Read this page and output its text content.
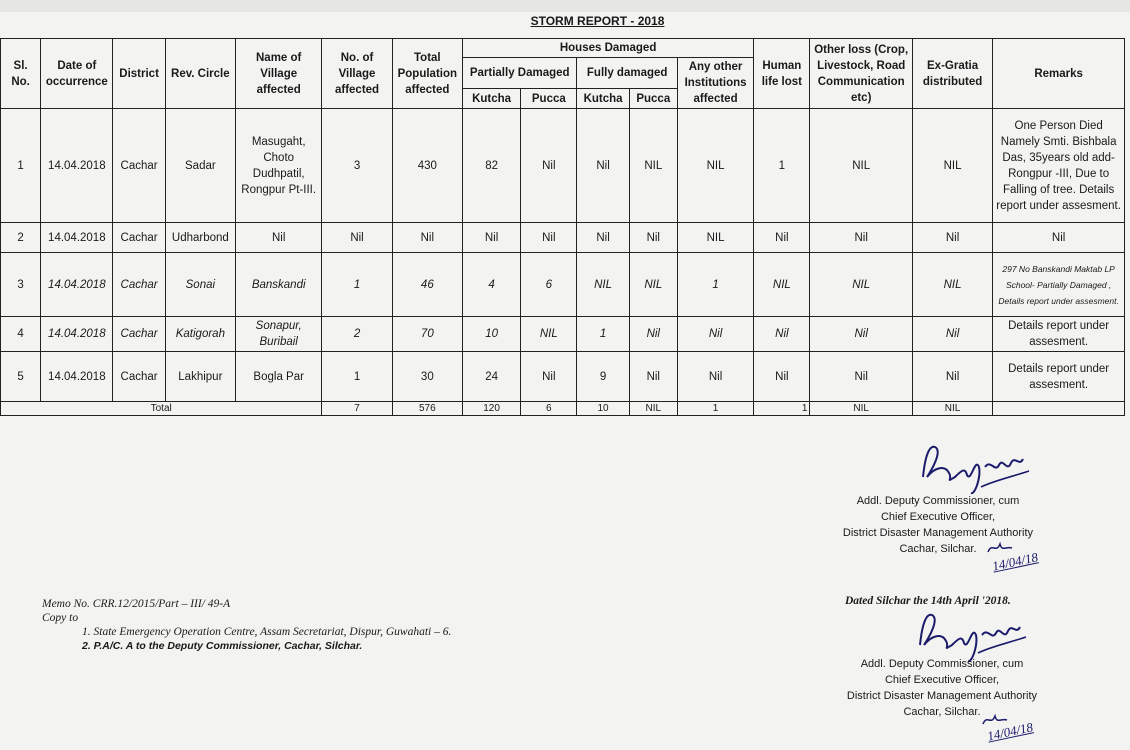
STORM REPORT - 2018
Sl. No.	Date of occurrence	District	Rev. Circle	Name of Village affected	No. of Village affected	Total Population affected	Houses Damaged					Human life lost	Other loss (Crop, Livestock, Road Communication etc)	Ex-Gratia distributed	Remarks
							Partially Damaged		Fully damaged		Any other Institutions affected				
							Kutcha	Pucca	Kutcha	Pucca					
1	14.04.2018	Cachar	Sadar	Masugaht, Choto Dudhpatil, Rongpur Pt-III.	3	430	82	Nil	Nil	NIL	NIL	1	NIL	NIL	One Person Died Namely Smti. Bishbala Das, 35years old add- Rongpur -III, Due to Falling of tree. Details report under assesment.
2	14.04.2018	Cachar	Udharbond	Nil	Nil	Nil	Nil	Nil	Nil	Nil	NIL	Nil	Nil	Nil	Nil
3	14.04.2018	Cachar	Sonai	Banskandi	1	46	4	6	NIL	NIL	1	NIL	NIL	NIL	297 No Banskandi Maktab LP School- Partially Damaged , Details report under assesment.
4	14.04.2018	Cachar	Katigorah	Sonapur, Buribail	2	70	10	NIL	1	Nil	Nil	Nil	Nil	Nil	Details report under assesment.
5	14.04.2018	Cachar	Lakhipur	Bogla Par	1	30	24	Nil	9	Nil	Nil	Nil	Nil	Nil	Details report under assesment.
Total					7	576	120	6	10	NIL	1	1	NIL	NIL	
Addl. Deputy Commissioner, cum
Chief Executive Officer,
District Disaster Management Authority
Cachar, Silchar.
14/04/18
Memo No. CRR.12/2015/Part – III/ 49-A
Copy to
1. State Emergency Operation Centre, Assam Secretariat, Dispur, Guwahati – 6.
2. P.A/C. A to the Deputy Commissioner, Cachar, Silchar.
Dated Silchar the 14th April '2018.
Addl. Deputy Commissioner, cum
Chief Executive Officer,
District Disaster Management Authority
Cachar, Silchar.
14/04/18
